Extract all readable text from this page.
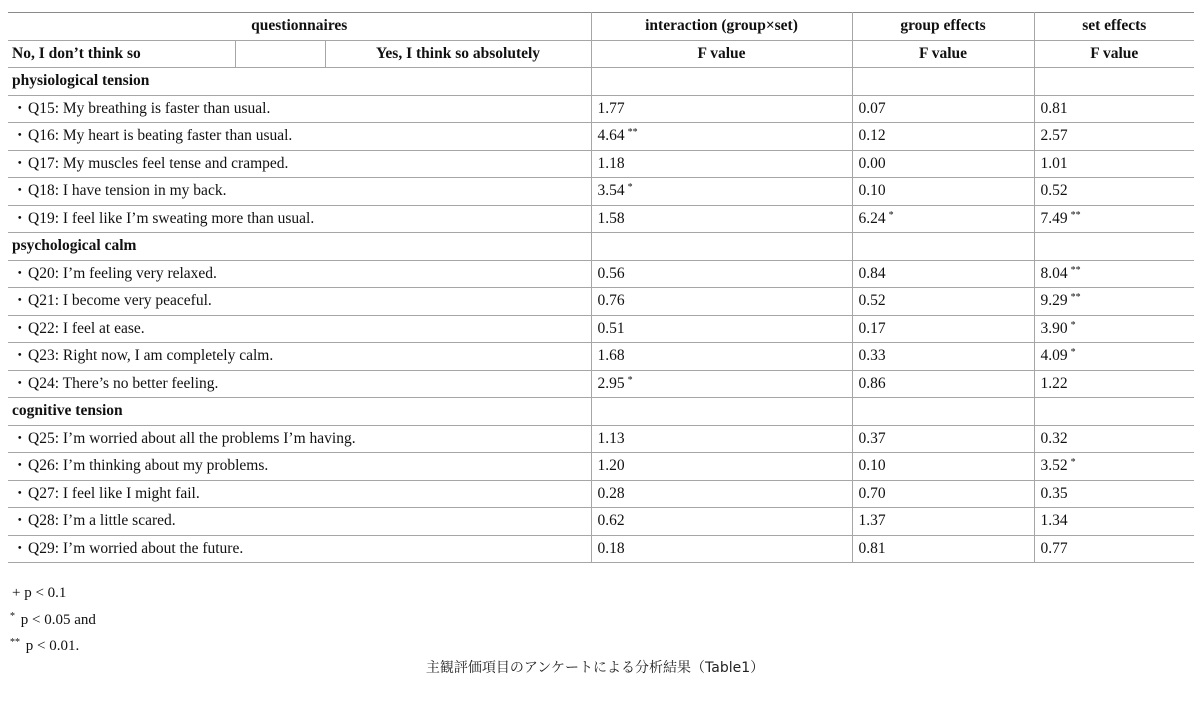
questionnaires			interaction (group×set)	group effects	set effects
No, I don’t think so		Yes, I think so absolutely	F value	F value	F value
physiological tension					
・Q15: My breathing is faster than usual.			1.77	0.07	0.81
・Q16: My heart is beating faster than usual.			4.64 **	0.12	2.57
・Q17: My muscles feel tense and cramped.			1.18	0.00	1.01
・Q18: I have tension in my back.			3.54 *	0.10	0.52
・Q19: I feel like I’m sweating more than usual.			1.58	6.24 *	7.49 **
psychological calm					
・Q20: I’m feeling very relaxed.			0.56	0.84	8.04 **
・Q21: I become very peaceful.			0.76	0.52	9.29 **
・Q22: I feel at ease.			0.51	0.17	3.90 *
・Q23: Right now, I am completely calm.			1.68	0.33	4.09 *
・Q24: There’s no better feeling.			2.95 *	0.86	1.22
cognitive tension					
・Q25: I’m worried about all the problems I’m having.			1.13	0.37	0.32
・Q26: I’m thinking about my problems.			1.20	0.10	3.52 *
・Q27: I feel like I might fail.			0.28	0.70	0.35
・Q28: I’m a little scared.			0.62	1.37	1.34
・Q29: I’m worried about the future.			0.18	0.81	0.77
+ p < 0.1
* p < 0.05 and
** p < 0.01.
主観評価項目のアンケートによる分析結果（Table1）
